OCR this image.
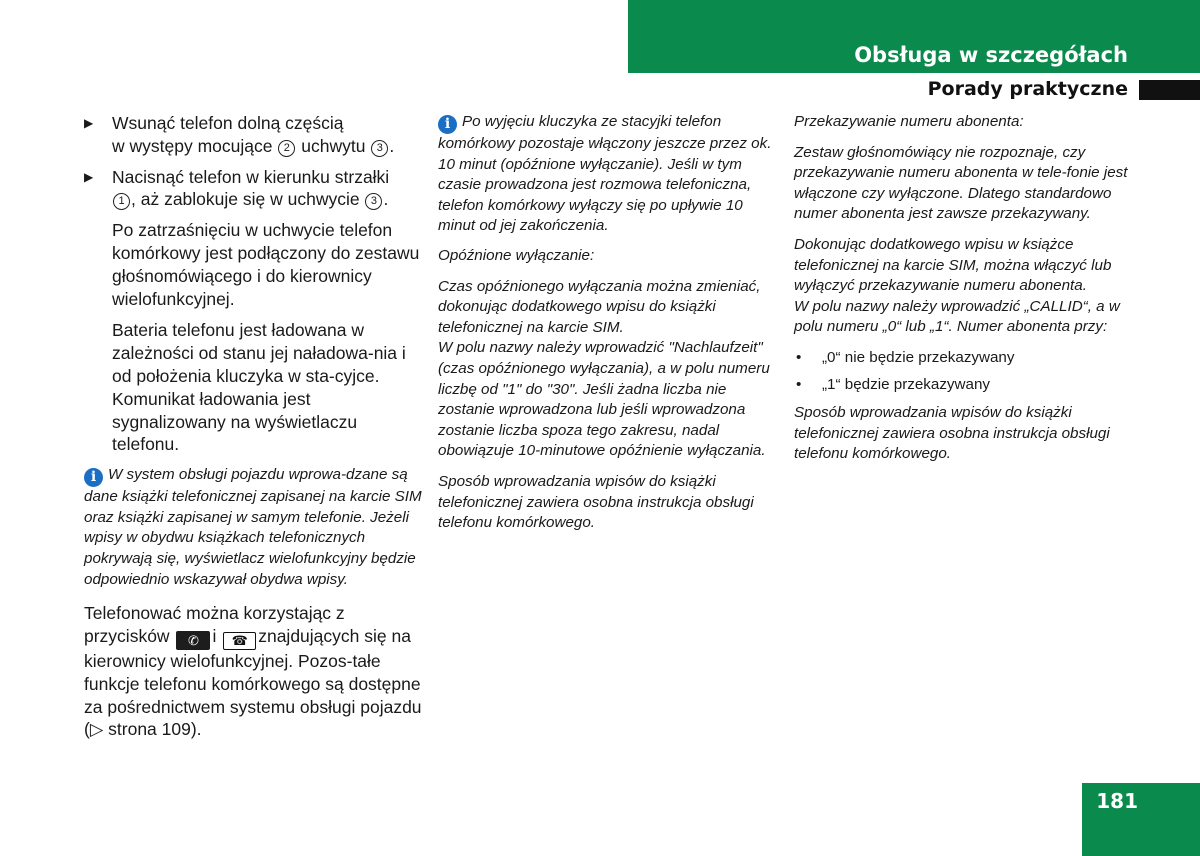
Obsługa w szczegółach
Porady praktyczne
▶ Wsunąć telefon dolną częścią
w występy mocujące 2 uchwytu 3 .
▶ Nacisnąć telefon w kierunku strzałki
1 , aż zablokuje się w uchwycie 3 .

Po zatrzaśnięciu w uchwycie telefon komórkowy jest podłączony do zestawu głośnomówiącego i do kierownicy wielofunkcyjnej.

Bateria telefonu jest ładowana w zależności od stanu jej naładowa-nia i od położenia kluczyka w sta-cyjce. Komunikat ładowania jest sygnalizowany na wyświetlaczu telefonu.

i W system obsługi pojazdu wprowa-dzane są dane książki telefonicznej zapisanej na karcie SIM oraz książki zapisanej w samym telefonie. Jeżeli wpisy w obydwu książkach telefonicznych pokrywają się, wyświetlacz wielofunkcyjny będzie odpowiednio wskazywał obydwa wpisy.

Telefonować można korzystając z przycisków ✆ i ☎ znajdujących się na kierownicy wielofunkcyjnej. Pozos-tałe funkcje telefonu komórkowego są dostępne za pośrednictwem systemu obsługi pojazdu (▷ strona 109).

i Po wyjęciu kluczyka ze stacyjki telefon komórkowy pozostaje włączony jeszcze przez ok. 10 minut (opóźnione wyłączanie). Jeśli w tym czasie prowadzona jest rozmowa telefoniczna, telefon komórkowy wyłączy się po upływie 10 minut od jej zakończenia.

Opóźnione wyłączanie:

Czas opóźnionego wyłączania można zmieniać, dokonując dodatkowego wpisu do książki telefonicznej na karcie SIM.

W polu nazwy należy wprowadzić "Nachlaufzeit" (czas opóźnionego wyłączania), a w polu numeru liczbę od "1" do "30". Jeśli żadna liczba nie zostanie wprowadzona lub jeśli wprowadzona zostanie liczba spoza tego zakresu, nadal obowiązuje 10-minutowe opóźnienie wyłączania.

Sposób wprowadzania wpisów do książki telefonicznej zawiera osobna instrukcja obsługi telefonu komórkowego.

Przekazywanie numeru abonenta:

Zestaw głośnomówiący nie rozpoznaje, czy przekazywanie numeru abonenta w tele-fonie jest włączone czy wyłączone. Dlatego standardowo numer abonenta jest zawsze przekazywany.

Dokonując dodatkowego wpisu w książce telefonicznej na karcie SIM, można włączyć lub wyłączyć przekazywanie numeru abonenta.

W polu nazwy należy wprowadzić „CALLID“, a w polu numeru „0“ lub „1“. Numer abonenta przy:

• „0“ nie będzie przekazywany
• „1“ będzie przekazywany

Sposób wprowadzania wpisów do książki telefonicznej zawiera osobna instrukcja obsługi telefonu komórkowego.

181
